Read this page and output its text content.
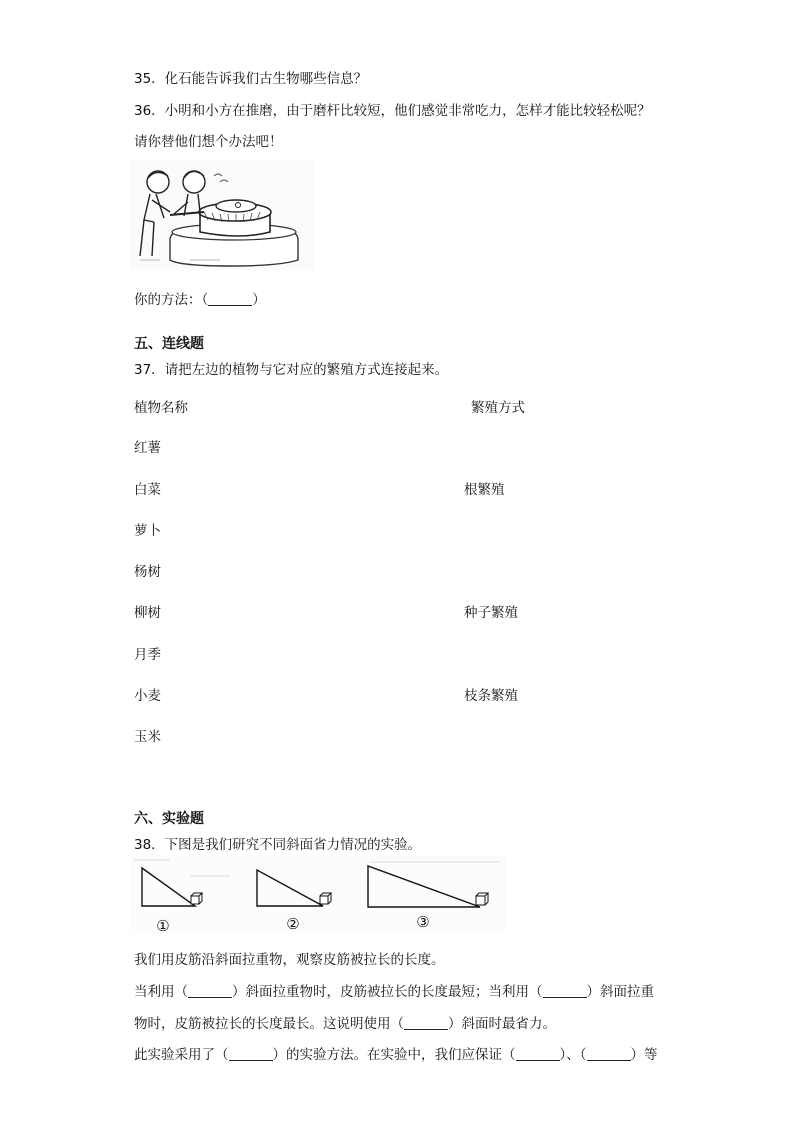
35．化石能告诉我们古生物哪些信息？
36．小明和小方在推磨，由于磨杆比较短，他们感觉非常吃力，怎样才能比较轻松呢？
请你替他们想个办法吧！
你的方法：（	）
五、连线题
37．请把左边的植物与它对应的繁殖方式连接起来。
植物名称	繁殖方式
红薯
白菜
萝卜
杨树
柳树
月季
小麦
玉米
根繁殖
种子繁殖
枝条繁殖
六、实验题
38．下图是我们研究不同斜面省力情况的实验。
①	②	③
我们用皮筋沿斜面拉重物，观察皮筋被拉长的长度。
当利用（	）斜面拉重物时，皮筋被拉长的长度最短；当利用（	）斜面拉重
物时，皮筋被拉长的长度最长。这说明使用（	）斜面时最省力。
此实验采用了（	）的实验方法。在实验中，我们应保证（	）、（	）等
